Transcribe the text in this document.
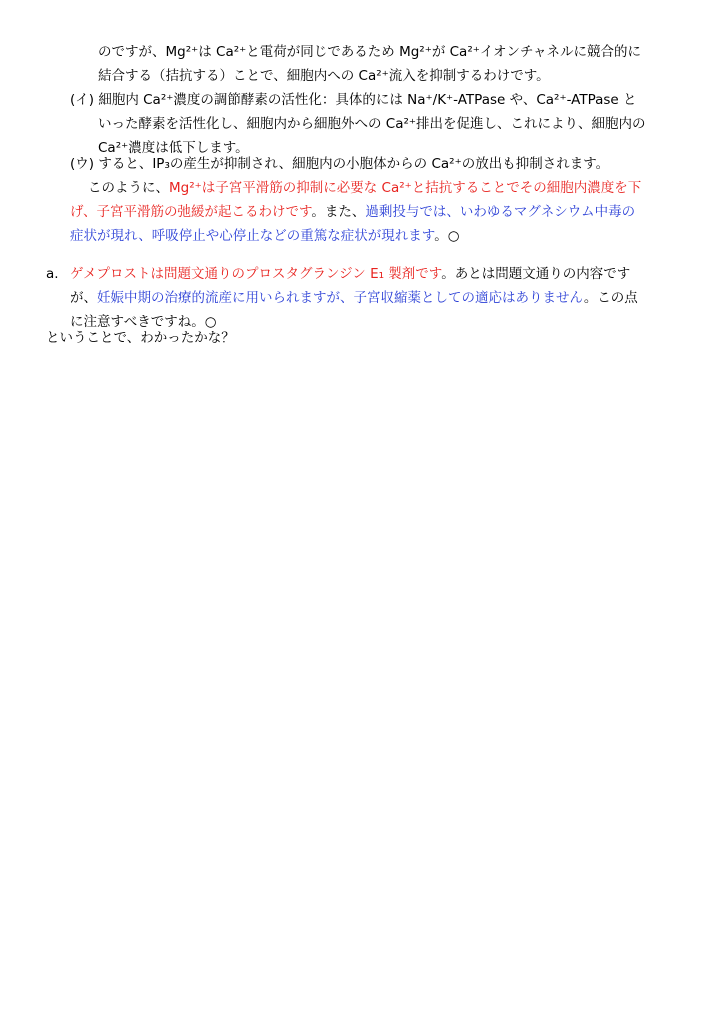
のですが、Mg²⁺は Ca²⁺と電荷が同じであるため Mg²⁺が Ca²⁺イオンチャネルに競合的に
結合する（拮抗する）ことで、細胞内への Ca²⁺流入を抑制するわけです。
(イ) 細胞内 Ca²⁺濃度の調節酵素の活性化：具体的には Na⁺/K⁺-ATPase や、Ca²⁺-ATPase と
いった酵素を活性化し、細胞内から細胞外への Ca²⁺排出を促進し、これにより、細胞内の
Ca²⁺濃度は低下します。
(ウ) すると、IP₃の産生が抑制され、細胞内の小胞体からの Ca²⁺の放出も抑制されます。
このように、Mg²⁺は子宮平滑筋の抑制に必要な Ca²⁺と拮抗することでその細胞内濃度を下
げ、子宮平滑筋の弛緩が起こるわけです。また、過剰投与では、いわゆるマグネシウム中毒の
症状が現れ、呼吸停止や心停止などの重篤な症状が現れます。○
a. ゲメプロストは問題文通りのプロスタグランジン E₁ 製剤です。あとは問題文通りの内容です
が、妊娠中期の治療的流産に用いられますが、子宮収縮薬としての適応はありません。この点
に注意すべきですね。○
ということで、わかったかな？
